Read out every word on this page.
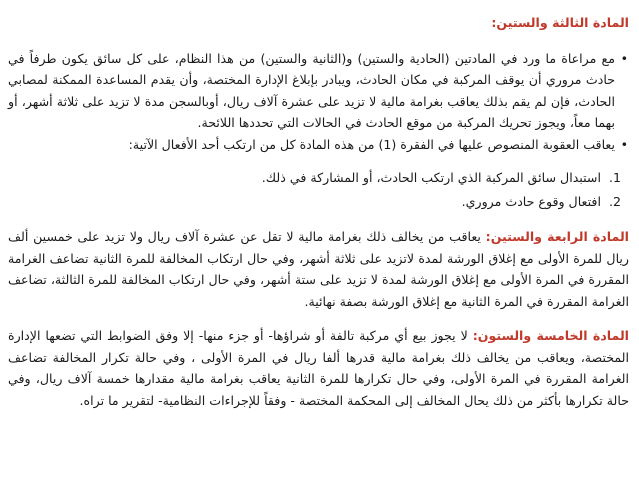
المادة الثالثة والستين:
• مع مراعاة ما ورد في المادتين (الحادية والستين) و(الثانية والستين) من هذا النظام، على كل سائق يكون طرفاً في حادث مروري أن يوقف المركبة في مكان الحادث، ويبادر بإبلاغ الإدارة المختصة، وأن يقدم المساعدة الممكنة لمصابي الحادث، فإن لم يقم بذلك يعاقب بغرامة مالية لا تزيد على عشرة آلاف ريال، أوبالسجن مدة لا تزيد على ثلاثة أشهر، أو بهما معاً، ويجوز تحريك المركبة من موقع الحادث في الحالات التي تحددها اللائحة.
• يعاقب العقوبة المنصوص عليها في الفقرة (1) من هذه المادة كل من ارتكب أحد الأفعال الآتية:
1. استبدال سائق المركبة الذي ارتكب الحادث، أو المشاركة في ذلك.
2. افتعال وقوع حادث مروري.

المادة الرابعة والستين: يعاقب من يخالف ذلك بغرامة مالية لا تقل عن عشرة آلاف ريال ولا تزيد على خمسين ألف ريال للمرة الأولى مع إغلاق الورشة لمدة لاتزيد على ثلاثة أشهر، وفي حال ارتكاب المخالفة للمرة الثانية تضاعف الغرامة المقررة في المرة الأولى مع إغلاق الورشة لمدة لا تزيد على ستة أشهر، وفي حال ارتكاب المخالفة للمرة الثالثة، تضاعف الغرامة المقررة في المرة الثانية مع إغلاق الورشة بصفة نهائية.

المادة الخامسة والستون: لا يجوز بيع أي مركبة تالفة أو شراؤها- أو جزء منها- إلا وفق الضوابط التي تضعها الإدارة المختصة، ويعاقب من يخالف ذلك بغرامة مالية قدرها ألفا ريال في المرة الأولى ، وفي حالة تكرار المخالفة تضاعف الغرامة المقررة في المرة الأولى، وفي حال تكرارها للمرة الثانية يعاقب بغرامة مالية مقدارها خمسة آلاف ريال، وفي حالة تكرارها بأكثر من ذلك يحال المخالف إلى المحكمة المختصة - وفقاً للإجراءات النظامية- لتقرير ما تراه.
